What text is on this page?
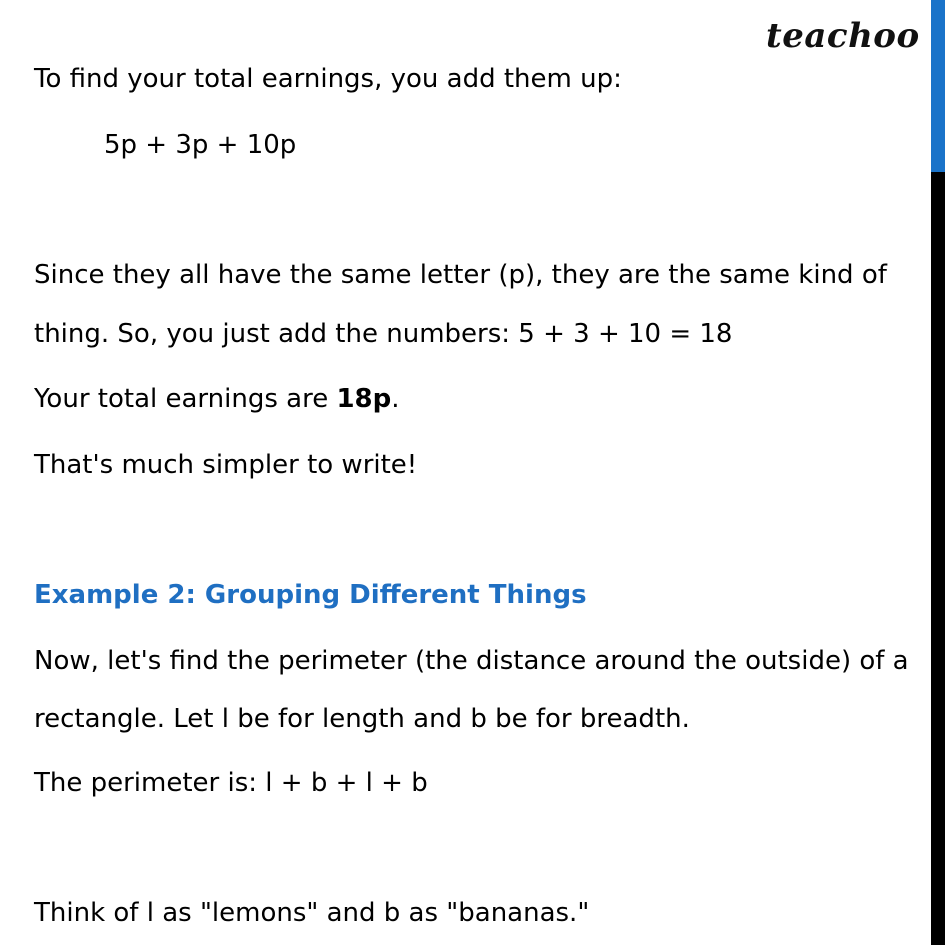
teachoo
To find your total earnings, you add them up:
5p + 3p + 10p
Since they all have the same letter (p), they are the same kind of
thing. So, you just add the numbers: 5 + 3 + 10 = 18
Your total earnings are 18p.
That's much simpler to write!
Example 2: Grouping Different Things
Now, let's find the perimeter (the distance around the outside) of a
rectangle. Let l be for length and b be for breadth.
The perimeter is: l + b + l + b
Think of l as "lemons" and b as "bananas."
